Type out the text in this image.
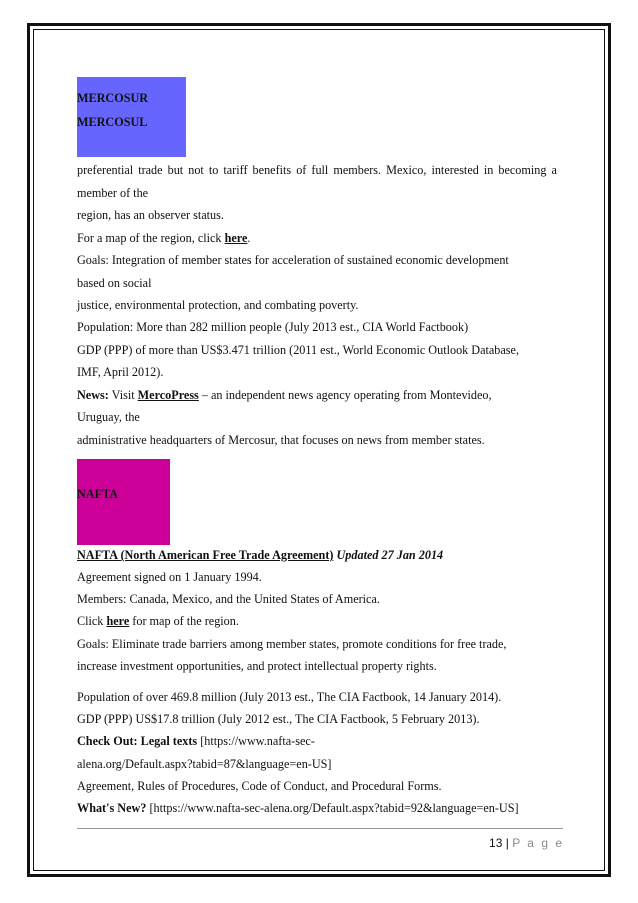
MERCOSUR

MERCOSUL

preferential trade but not to tariff benefits of full members. Mexico, interested in becoming a

member of the

region, has an observer status.

For a map of the region, click here.

Goals: Integration of member states for acceleration of sustained economic development

based on social

justice, environmental protection, and combating poverty.

Population: More than 282 million people (July 2013 est., CIA World Factbook)

GDP (PPP) of more than US$3.471 trillion (2011 est., World Economic Outlook Database,

IMF, April 2012).

News: Visit MercoPress – an independent news agency operating from Montevideo,

Uruguay, the

administrative headquarters of Mercosur, that focuses on news from member states.

NAFTA

NAFTA (North American Free Trade Agreement) Updated 27 Jan 2014

Agreement signed on 1 January 1994.

Members: Canada, Mexico, and the United States of America.

Click here for map of the region.

Goals: Eliminate trade barriers among member states, promote conditions for free trade,

increase investment opportunities, and protect intellectual property rights.

Population of over 469.8 million (July 2013 est., The CIA Factbook, 14 January 2014).

GDP (PPP) US$17.8 trillion (July 2012 est., The CIA Factbook, 5 February 2013).

Check Out: Legal texts [https://www.nafta-sec-

alena.org/Default.aspx?tabid=87&language=en-US]

Agreement, Rules of Procedures, Code of Conduct, and Procedural Forms.

What's New? [https://www.nafta-sec-alena.org/Default.aspx?tabid=92&language=en-US]

13 | P a g e
